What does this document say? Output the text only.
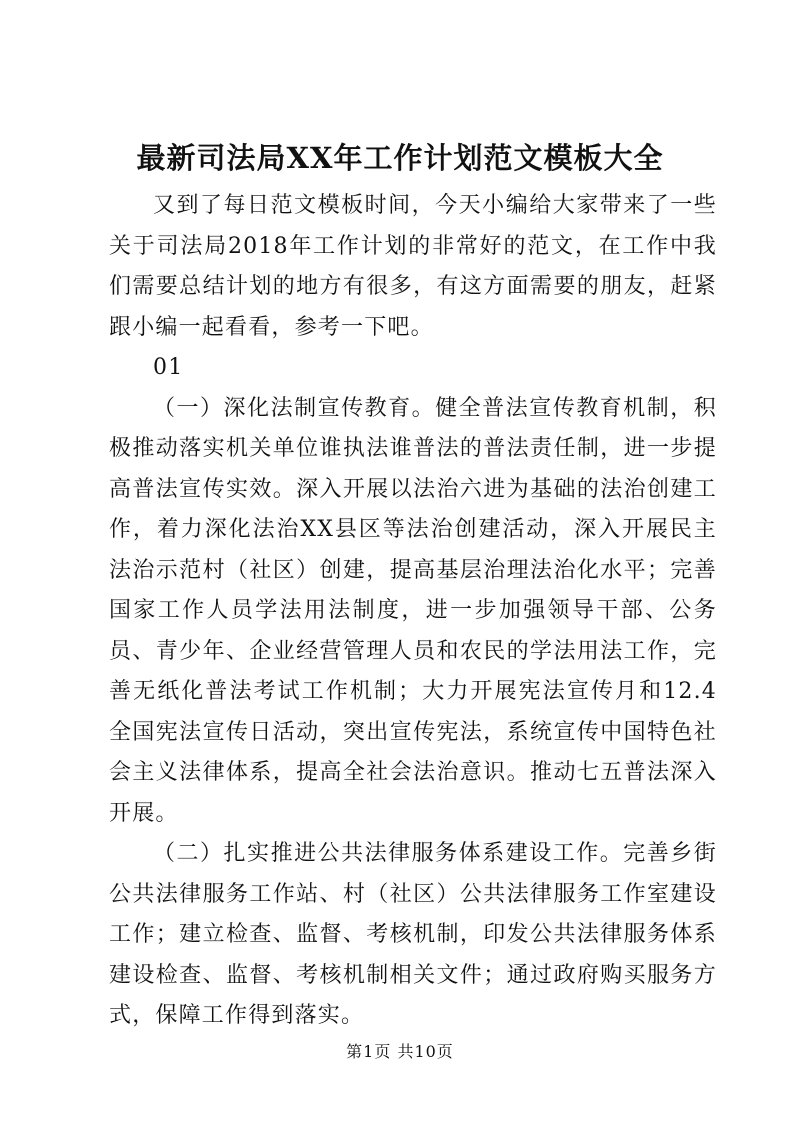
最新司法局XX年工作计划范文模板大全

又到了每日范文模板时间，今天小编给大家带来了一些关于司法局2018年工作计划的非常好的范文，在工作中我们需要总结计划的地方有很多，有这方面需要的朋友，赶紧跟小编一起看看，参考一下吧。

01

（一）深化法制宣传教育。健全普法宣传教育机制，积极推动落实机关单位谁执法谁普法的普法责任制，进一步提高普法宣传实效。深入开展以法治六进为基础的法治创建工作，着力深化法治XX县区等法治创建活动，深入开展民主法治示范村（社区）创建，提高基层治理法治化水平；完善国家工作人员学法用法制度，进一步加强领导干部、公务员、青少年、企业经营管理人员和农民的学法用法工作，完善无纸化普法考试工作机制；大力开展宪法宣传月和12.4全国宪法宣传日活动，突出宣传宪法，系统宣传中国特色社会主义法律体系，提高全社会法治意识。推动七五普法深入开展。

（二）扎实推进公共法律服务体系建设工作。完善乡街公共法律服务工作站、村（社区）公共法律服务工作室建设工作；建立检查、监督、考核机制，印发公共法律服务体系建设检查、监督、考核机制相关文件；通过政府购买服务方式，保障工作得到落实。

第1页 共10页
